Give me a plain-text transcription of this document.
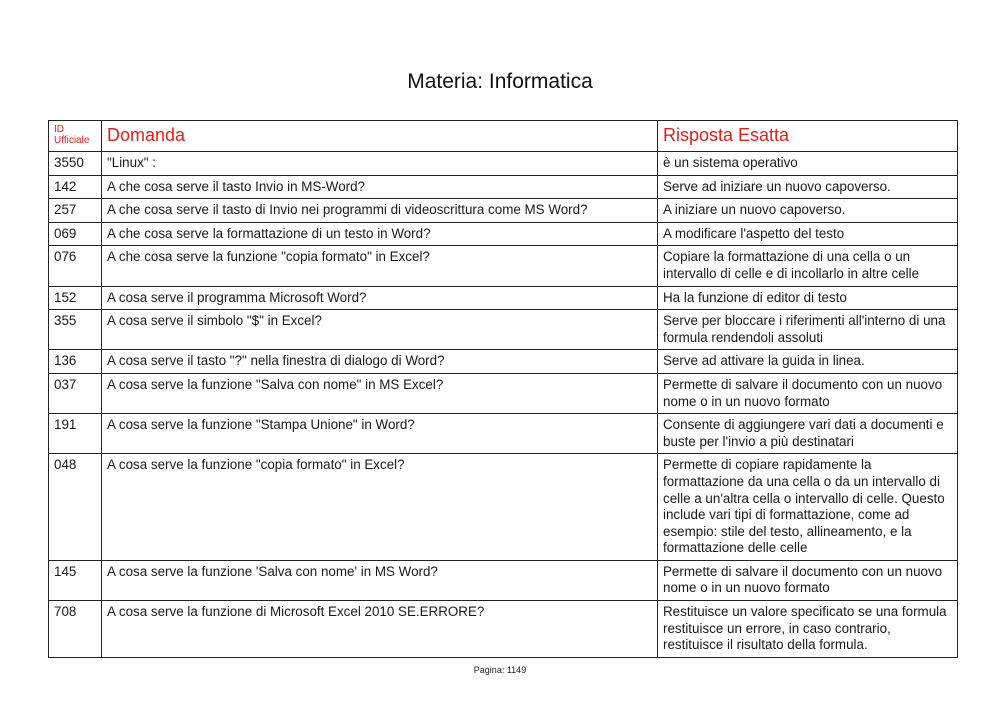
Materia: Informatica
ID
Ufficiale	Domanda	Risposta Esatta
3550	"Linux" :	è un sistema operativo
142	A che cosa serve il tasto Invio in MS-Word?	Serve ad iniziare un nuovo capoverso.
257	A che cosa serve il tasto di Invio nei programmi di videoscrittura come MS Word?	A iniziare un nuovo capoverso.
069	A che cosa serve la formattazione di un testo in Word?	A modificare l'aspetto del testo
076	A che cosa serve la funzione "copia formato" in Excel?	Copiare la formattazione di una cella o un intervallo di celle e di incollarlo in altre celle
152	A cosa serve il programma Microsoft Word?	Ha la funzione di editor di testo
355	A cosa serve il simbolo "$" in Excel?	Serve per bloccare i riferimenti all'interno di una formula rendendoli assoluti
136	A cosa serve il tasto "?" nella finestra di dialogo di Word?	Serve ad attivare la guida in linea.
037	A cosa serve la funzione "Salva con nome" in MS Excel?	Permette di salvare il documento con un nuovo nome o in un nuovo formato
191	A cosa serve la funzione "Stampa Unione" in Word?	Consente di aggiungere vari dati a documenti e buste per l'invio a più destinatari
048	A cosa serve la funzione "copia formato" in Excel?	Permette di copiare rapidamente la formattazione da una cella o da un intervallo di celle a un'altra cella o intervallo di celle. Questo include vari tipi di formattazione, come ad esempio: stile del testo, allineamento, e la formattazione delle celle
145	A cosa serve la funzione 'Salva con nome' in MS Word?	Permette di salvare il documento con un nuovo nome o in un nuovo formato
708	A cosa serve la funzione di Microsoft Excel 2010 SE.ERRORE?	Restituisce un valore specificato se una formula restituisce un errore, in caso contrario, restituisce il risultato della formula.
Pagina: 1149
